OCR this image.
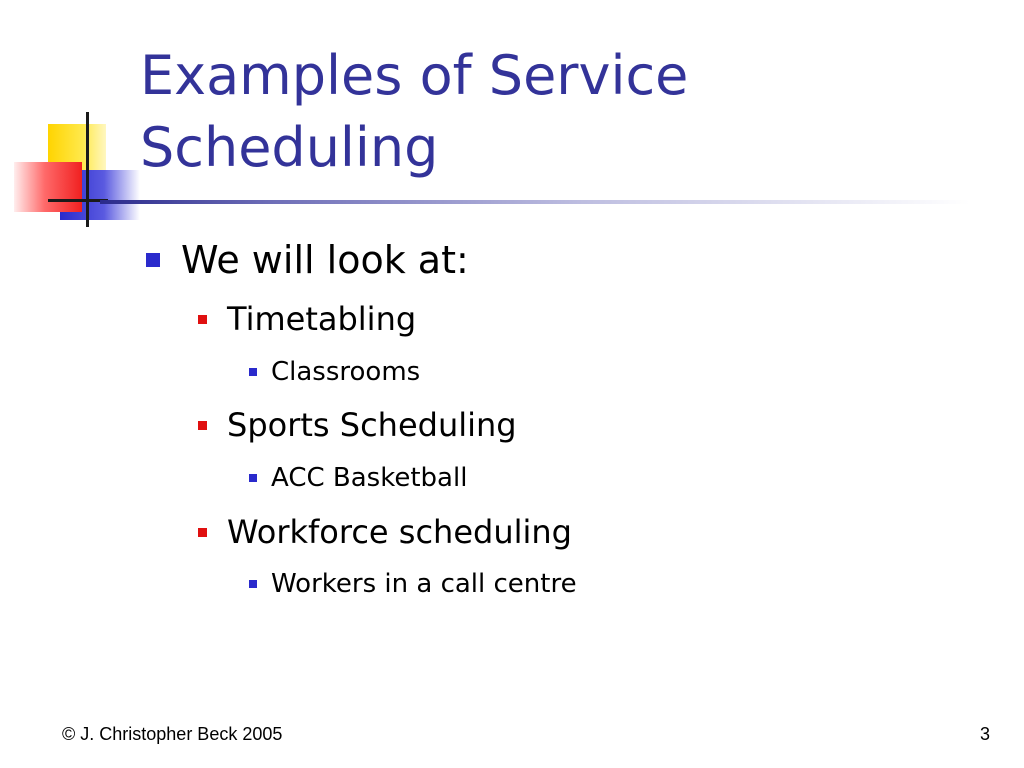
Examples of Service Scheduling
We will look at:
Timetabling
Classrooms
Sports Scheduling
ACC Basketball
Workforce scheduling
Workers in a call centre
© J. Christopher Beck 2005	3
